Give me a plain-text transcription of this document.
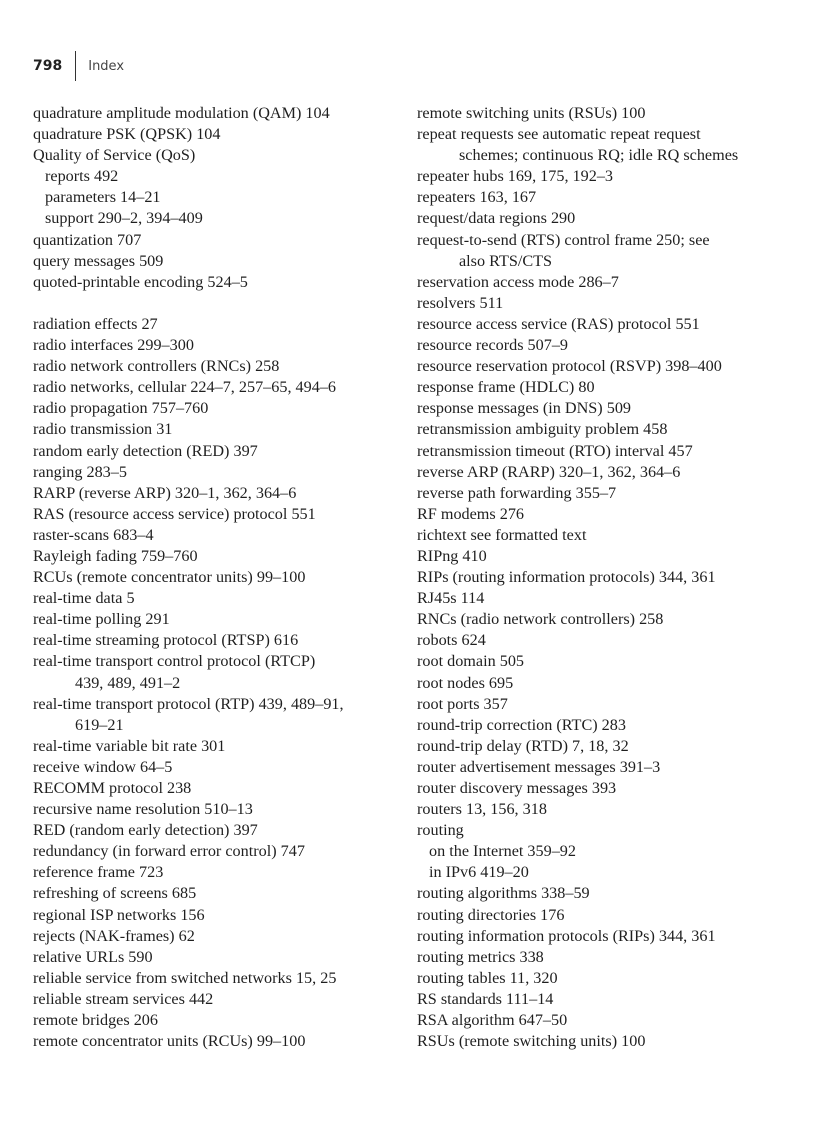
798 Index
quadrature amplitude modulation (QAM) 104
quadrature PSK (QPSK) 104
Quality of Service (QoS)
reports 492
parameters 14–21
support 290–2, 394–409
quantization 707
query messages 509
quoted-printable encoding 524–5
radiation effects 27
radio interfaces 299–300
radio network controllers (RNCs) 258
radio networks, cellular 224–7, 257–65, 494–6
radio propagation 757–760
radio transmission 31
random early detection (RED) 397
ranging 283–5
RARP (reverse ARP) 320–1, 362, 364–6
RAS (resource access service) protocol 551
raster-scans 683–4
Rayleigh fading 759–760
RCUs (remote concentrator units) 99–100
real-time data 5
real-time polling 291
real-time streaming protocol (RTSP) 616
real-time transport control protocol (RTCP)
439, 489, 491–2
real-time transport protocol (RTP) 439, 489–91,
619–21
real-time variable bit rate 301
receive window 64–5
RECOMM protocol 238
recursive name resolution 510–13
RED (random early detection) 397
redundancy (in forward error control) 747
reference frame 723
refreshing of screens 685
regional ISP networks 156
rejects (NAK-frames) 62
relative URLs 590
reliable service from switched networks 15, 25
reliable stream services 442
remote bridges 206
remote concentrator units (RCUs) 99–100
remote switching units (RSUs) 100
repeat requests see automatic repeat request
schemes; continuous RQ; idle RQ schemes
repeater hubs 169, 175, 192–3
repeaters 163, 167
request/data regions 290
request-to-send (RTS) control frame 250; see
also RTS/CTS
reservation access mode 286–7
resolvers 511
resource access service (RAS) protocol 551
resource records 507–9
resource reservation protocol (RSVP) 398–400
response frame (HDLC) 80
response messages (in DNS) 509
retransmission ambiguity problem 458
retransmission timeout (RTO) interval 457
reverse ARP (RARP) 320–1, 362, 364–6
reverse path forwarding 355–7
RF modems 276
richtext see formatted text
RIPng 410
RIPs (routing information protocols) 344, 361
RJ45s 114
RNCs (radio network controllers) 258
robots 624
root domain 505
root nodes 695
root ports 357
round-trip correction (RTC) 283
round-trip delay (RTD) 7, 18, 32
router advertisement messages 391–3
router discovery messages 393
routers 13, 156, 318
routing
on the Internet 359–92
in IPv6 419–20
routing algorithms 338–59
routing directories 176
routing information protocols (RIPs) 344, 361
routing metrics 338
routing tables 11, 320
RS standards 111–14
RSA algorithm 647–50
RSUs (remote switching units) 100
